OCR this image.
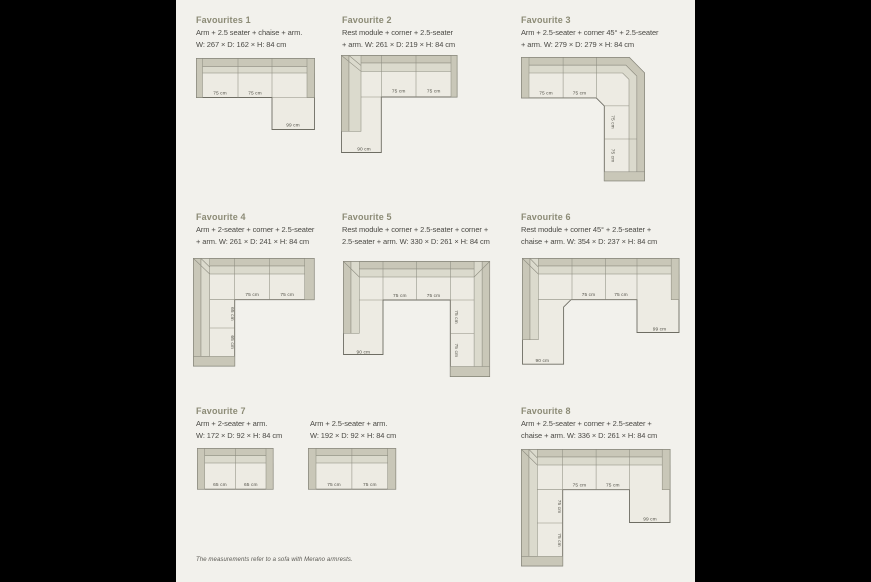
Favourites 1
Arm + 2.5 seater + chaise + arm.
W: 267 × D: 162 × H: 84 cm
75 cm	75 cm
99 cm
Favourite 2
Rest module + corner + 2.5-seater
+ arm. W: 261 × D: 219 × H: 84 cm
75 cm	75 cm
90 cm
Favourite 3
Arm + 2.5-seater + corner 45° + 2.5-seater
+ arm. W: 279 × D: 279 × H: 84 cm
75 cm	75 cm
75 cm
75 cm
Favourite 4
Arm + 2-seater + corner + 2.5-seater
+ arm. W: 261 × D: 241 × H: 84 cm
75 cm	75 cm
65 cm
65 cm
Favourite 5
Rest module + corner + 2.5-seater + corner +
2.5-seater + arm. W: 330 × D: 261 × H: 84 cm
75 cm	75 cm
75 cm
75 cm
90 cm
Favourite 6
Rest module + corner 45° + 2.5-seater +
chaise + arm. W: 354 × D: 237 × H: 84 cm
75 cm	75 cm
99 cm
90 cm
Favourite 7
Arm + 2-seater + arm.
W: 172 × D: 92 × H: 84 cm
65 cm	65 cm
Arm + 2.5-seater + arm.
W: 192 × D: 92 × H: 84 cm
75 cm	75 cm
Favourite 8
Arm + 2.5-seater + corner + 2.5-seater +
chaise + arm. W: 336 × D: 261 × H: 84 cm
75 cm	75 cm
75 cm
75 cm
99 cm
The measurements refer to a sofa with Merano armrests.
